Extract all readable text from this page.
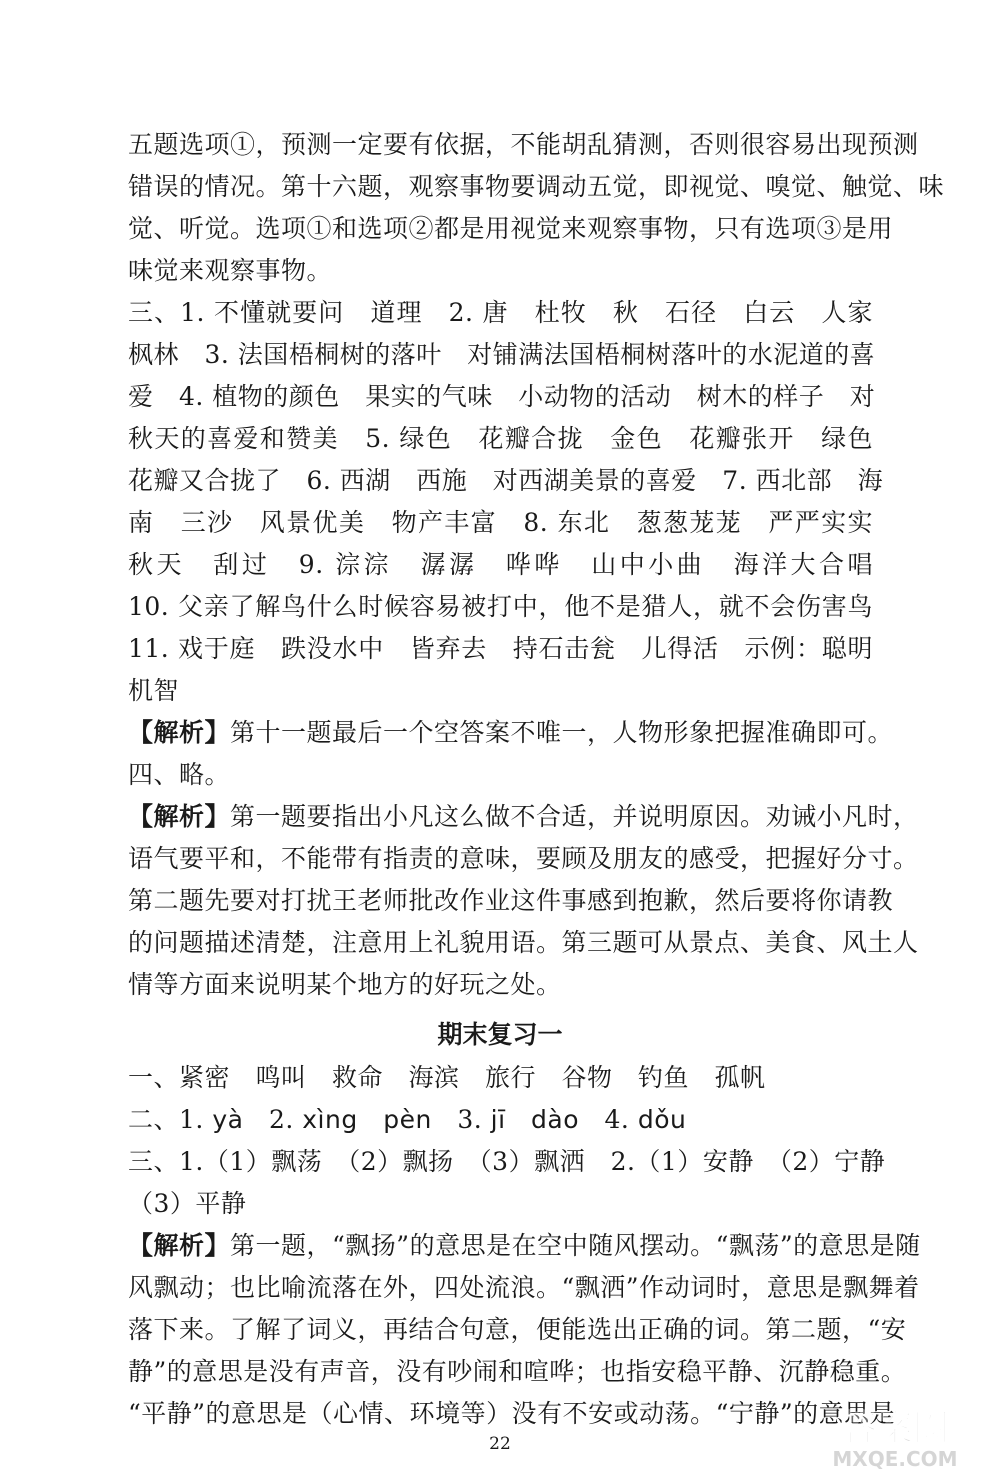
五题选项①，预测一定要有依据，不能胡乱猜测，否则很容易出现预测
错误的情况。第十六题，观察事物要调动五觉，即视觉、嗅觉、触觉、味
觉、听觉。选项①和选项②都是用视觉来观察事物，只有选项③是用
味觉来观察事物。
三、1. 不懂就要问　道理　2. 唐　杜牧　秋　石径　白云　人家
枫林　3. 法国梧桐树的落叶　对铺满法国梧桐树落叶的水泥道的喜
爱　4. 植物的颜色　果实的气味　小动物的活动　树木的样子　对
秋天的喜爱和赞美　5. 绿色　花瓣合拢　金色　花瓣张开　绿色
花瓣又合拢了　6. 西湖　西施　对西湖美景的喜爱　7. 西北部　海
南　三沙　风景优美　物产丰富　8. 东北　葱葱茏茏　严严实实
秋天　刮过　9. 淙淙　潺潺　哗哗　山中小曲　海洋大合唱
10. 父亲了解鸟什么时候容易被打中，他不是猎人，就不会伤害鸟
11. 戏于庭　跌没水中　皆弃去　持石击瓮　儿得活　示例：聪明
机智
【解析】第十一题最后一个空答案不唯一，人物形象把握准确即可。
四、略。
【解析】第一题要指出小凡这么做不合适，并说明原因。劝诫小凡时，
语气要平和，不能带有指责的意味，要顾及朋友的感受，把握好分寸。
第二题先要对打扰王老师批改作业这件事感到抱歉，然后要将你请教
的问题描述清楚，注意用上礼貌用语。第三题可从景点、美食、风土人
情等方面来说明某个地方的好玩之处。
期末复习一
一、紧密　鸣叫　救命　海滨　旅行　谷物　钓鱼　孤帆
二、1. yà　2. xìng　pèn　3. jī　dào　4. dǒu
三、1.（1）飘荡　（2）飘扬　（3）飘洒　2.（1）安静　（2）宁静
（3）平静
【解析】第一题，“飘扬”的意思是在空中随风摆动。“飘荡”的意思是随
风飘动；也比喻流落在外，四处流浪。“飘洒”作动词时，意思是飘舞着
落下来。了解了词义，再结合句意，便能选出正确的词。第二题，“安
静”的意思是没有声音，没有吵闹和喧哗；也指安稳平静、沉静稳重。
“平静”的意思是（心情、环境等）没有不安或动荡。“宁静”的意思是
22	答案圈
MXQE.COM
